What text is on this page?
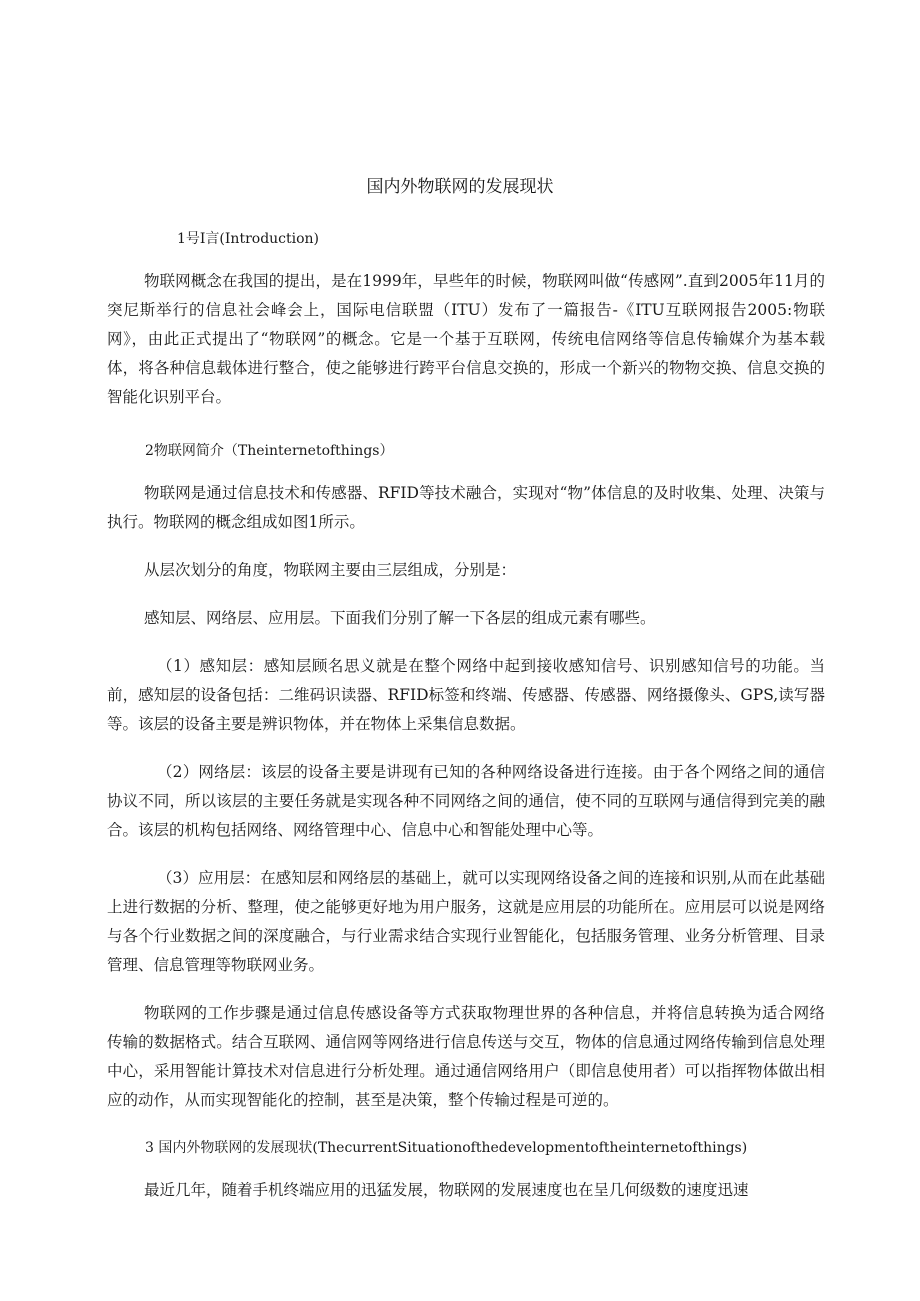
国内外物联网的发展现状

1号I言(Introduction)

物联网概念在我国的提出，是在1999年，早些年的时候，物联网叫做“传感网”.直到2005年11月的突尼斯举行的信息社会峰会上，国际电信联盟（ITU）发布了一篇报告-《ITU互联网报告2005:物联网》，由此正式提出了“物联网”的概念。它是一个基于互联网，传统电信网络等信息传输媒介为基本载体，将各种信息载体进行整合，使之能够进行跨平台信息交换的，形成一个新兴的物物交换、信息交换的智能化识别平台。

2物联网简介（Theinternetofthings）

物联网是通过信息技术和传感器、RFID等技术融合，实现对“物”体信息的及时收集、处理、决策与执行。物联网的概念组成如图1所示。

从层次划分的角度，物联网主要由三层组成，分别是：

感知层、网络层、应用层。下面我们分别了解一下各层的组成元素有哪些。

（1）感知层：感知层顾名思义就是在整个网络中起到接收感知信号、识别感知信号的功能。当前，感知层的设备包括：二维码识读器、RFID标签和终端、传感器、传感器、网络摄像头、GPS,读写器等。该层的设备主要是辨识物体，并在物体上采集信息数据。

（2）网络层：该层的设备主要是讲现有已知的各种网络设备进行连接。由于各个网络之间的通信协议不同，所以该层的主要任务就是实现各种不同网络之间的通信，使不同的互联网与通信得到完美的融合。该层的机构包括网络、网络管理中心、信息中心和智能处理中心等。

（3）应用层：在感知层和网络层的基础上，就可以实现网络设备之间的连接和识别,从而在此基础上进行数据的分析、整理，使之能够更好地为用户服务，这就是应用层的功能所在。应用层可以说是网络与各个行业数据之间的深度融合，与行业需求结合实现行业智能化，包括服务管理、业务分析管理、目录管理、信息管理等物联网业务。

物联网的工作步骤是通过信息传感设备等方式获取物理世界的各种信息，并将信息转换为适合网络传输的数据格式。结合互联网、通信网等网络进行信息传送与交互，物体的信息通过网络传输到信息处理中心，采用智能计算技术对信息进行分析处理。通过通信网络用户（即信息使用者）可以指挥物体做出相应的动作，从而实现智能化的控制，甚至是决策，整个传输过程是可逆的。

3 国内外物联网的发展现状(ThecurrentSituationofthedevelopmentoftheinternetofthings)

最近几年，随着手机终端应用的迅猛发展，物联网的发展速度也在呈几何级数的速度迅速
